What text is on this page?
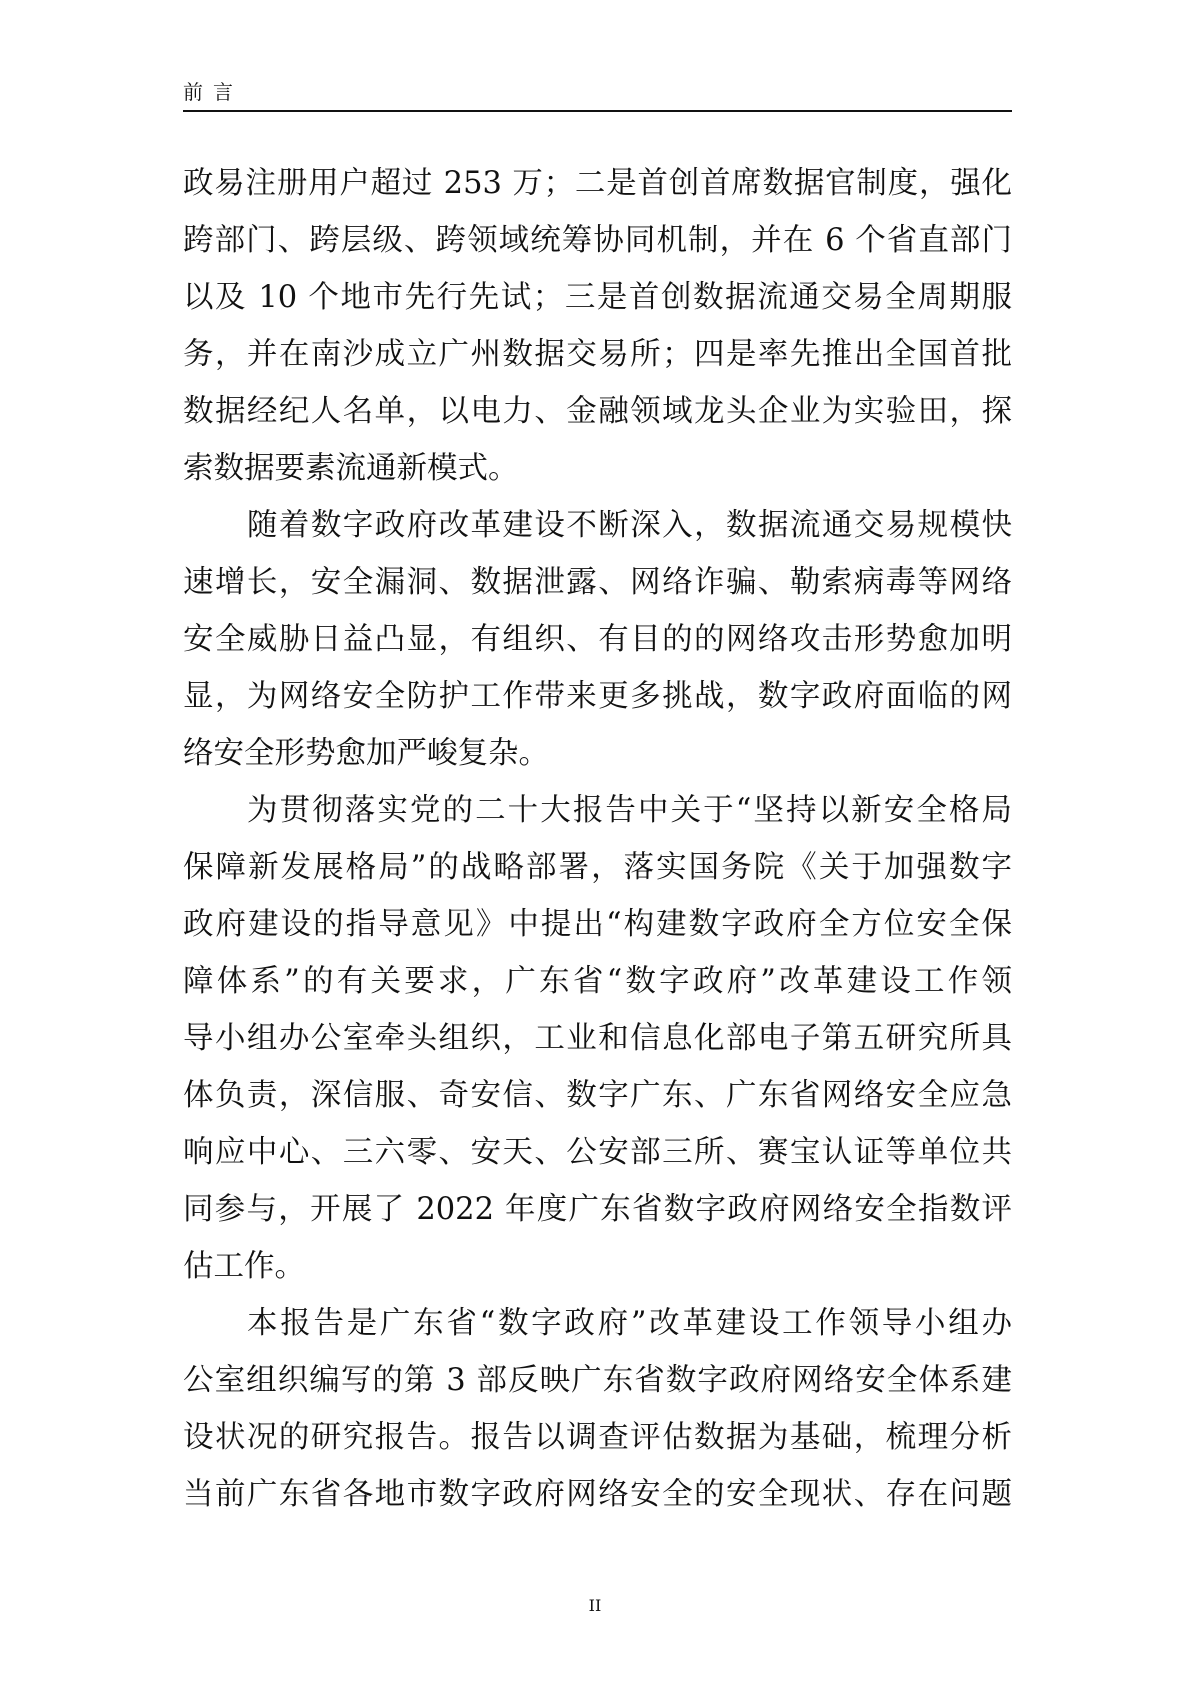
前言
政易注册用户超过 253 万；二是首创首席数据官制度，强化
跨部门、跨层级、跨领域统筹协同机制，并在 6 个省直部门
以及 10 个地市先行先试；三是首创数据流通交易全周期服
务，并在南沙成立广州数据交易所；四是率先推出全国首批
数据经纪人名单，以电力、金融领域龙头企业为实验田，探
索数据要素流通新模式。
随着数字政府改革建设不断深入，数据流通交易规模快
速增长，安全漏洞、数据泄露、网络诈骗、勒索病毒等网络
安全威胁日益凸显，有组织、有目的的网络攻击形势愈加明
显，为网络安全防护工作带来更多挑战，数字政府面临的网
络安全形势愈加严峻复杂。
为贯彻落实党的二十大报告中关于“坚持以新安全格局
保障新发展格局”的战略部署，落实国务院《关于加强数字
政府建设的指导意见》中提出“构建数字政府全方位安全保
障体系”的有关要求，广东省“数字政府”改革建设工作领
导小组办公室牵头组织，工业和信息化部电子第五研究所具
体负责，深信服、奇安信、数字广东、广东省网络安全应急
响应中心、三六零、安天、公安部三所、赛宝认证等单位共
同参与，开展了 2022 年度广东省数字政府网络安全指数评
估工作。
本报告是广东省“数字政府”改革建设工作领导小组办
公室组织编写的第 3 部反映广东省数字政府网络安全体系建
设状况的研究报告。报告以调查评估数据为基础，梳理分析
当前广东省各地市数字政府网络安全的安全现状、存在问题
II
